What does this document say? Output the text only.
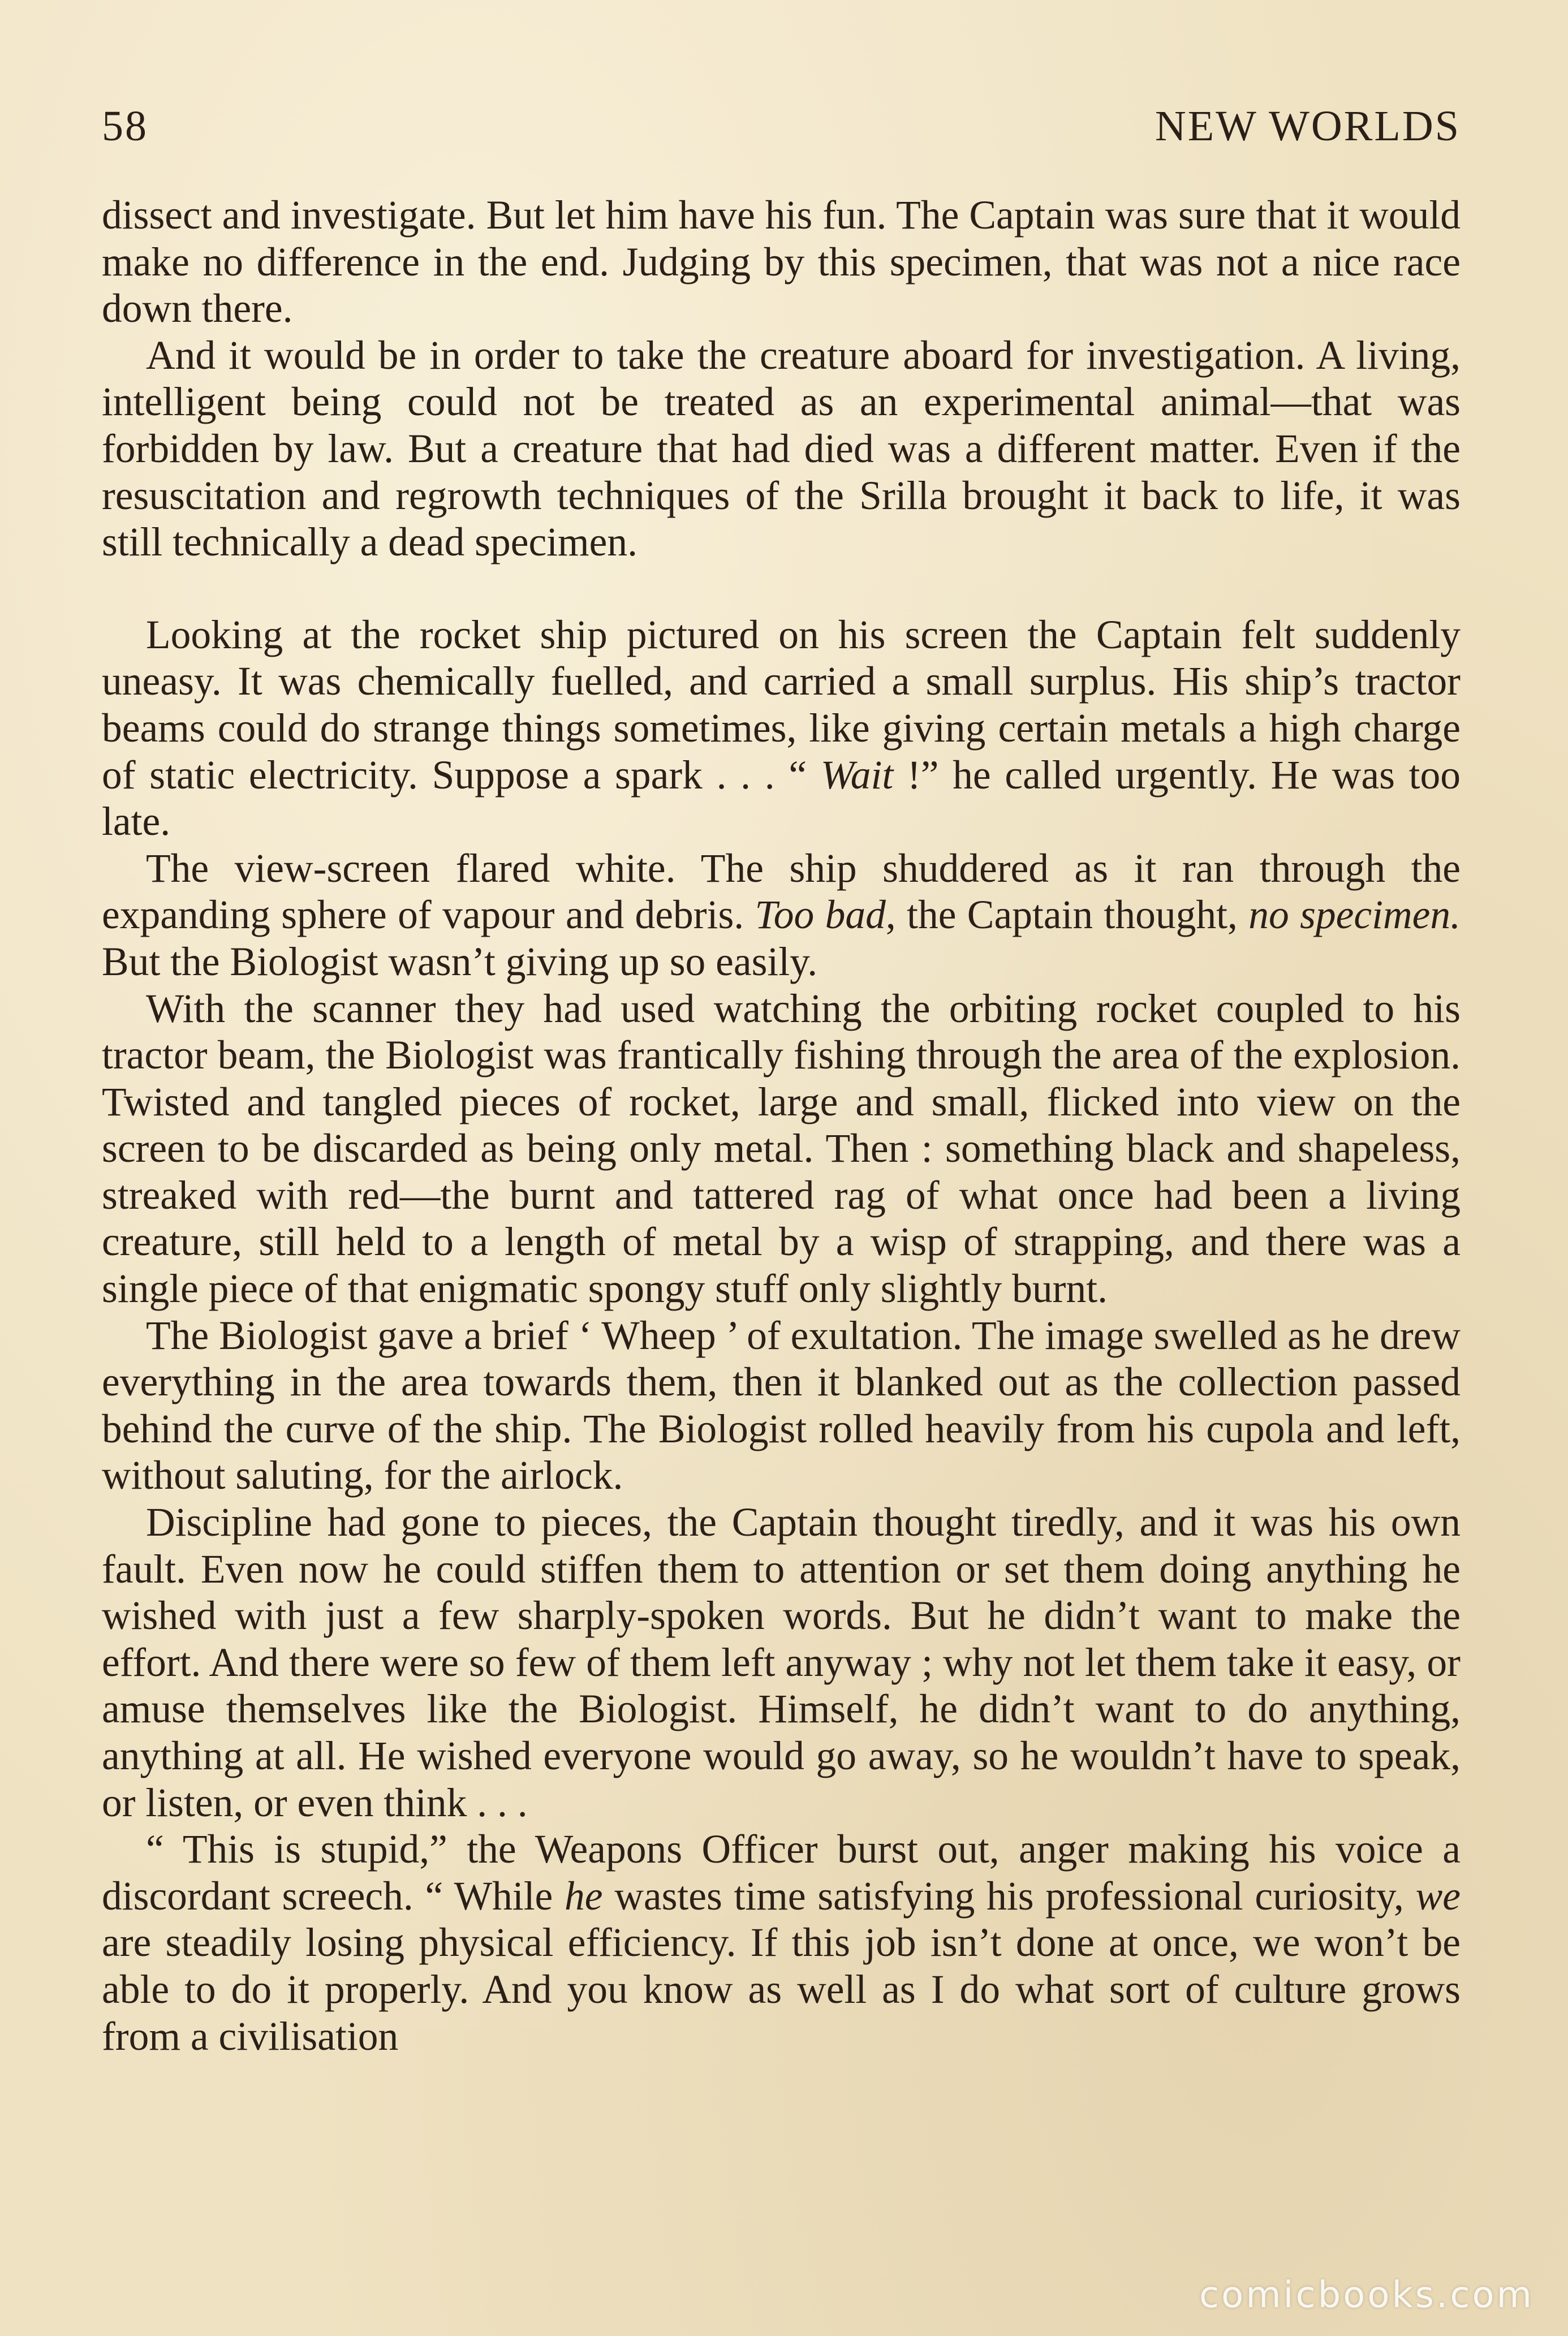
58	NEW WORLDS

dissect and investigate. But let him have his fun. The Captain was sure that it would make no difference in the end. Judging by this specimen, that was not a nice race down there.

And it would be in order to take the creature aboard for investigation. A living, intelligent being could not be treated as an experimental animal—that was forbidden by law. But a creature that had died was a different matter. Even if the resuscitation and regrowth techniques of the Srilla brought it back to life, it was still technically a dead specimen.

Looking at the rocket ship pictured on his screen the Captain felt suddenly uneasy. It was chemically fuelled, and carried a small surplus. His ship’s tractor beams could do strange things sometimes, like giving certain metals a high charge of static electricity. Suppose a spark . . . “ Wait !” he called urgently. He was too late.

The view-screen flared white. The ship shuddered as it ran through the expanding sphere of vapour and debris. Too bad, the Captain thought, no specimen. But the Biologist wasn’t giving up so easily.

With the scanner they had used watching the orbiting rocket coupled to his tractor beam, the Biologist was frantically fishing through the area of the explosion. Twisted and tangled pieces of rocket, large and small, flicked into view on the screen to be discarded as being only metal. Then : something black and shapeless, streaked with red—the burnt and tattered rag of what once had been a living creature, still held to a length of metal by a wisp of strapping, and there was a single piece of that enigmatic spongy stuff only slightly burnt.

The Biologist gave a brief ‘ Wheep ’ of exultation. The image swelled as he drew everything in the area towards them, then it blanked out as the collection passed behind the curve of the ship. The Biologist rolled heavily from his cupola and left, without saluting, for the airlock.

Discipline had gone to pieces, the Captain thought tiredly, and it was his own fault. Even now he could stiffen them to attention or set them doing anything he wished with just a few sharply-spoken words. But he didn’t want to make the effort. And there were so few of them left anyway ; why not let them take it easy, or amuse themselves like the Biologist. Himself, he didn’t want to do anything, anything at all. He wished everyone would go away, so he wouldn’t have to speak, or listen, or even think . . .

“ This is stupid,” the Weapons Officer burst out, anger making his voice a discordant screech. “ While he wastes time satisfying his professional curiosity, we are steadily losing physical efficiency. If this job isn’t done at once, we won’t be able to do it properly. And you know as well as I do what sort of culture grows from a civilisation

comicbooks.com
